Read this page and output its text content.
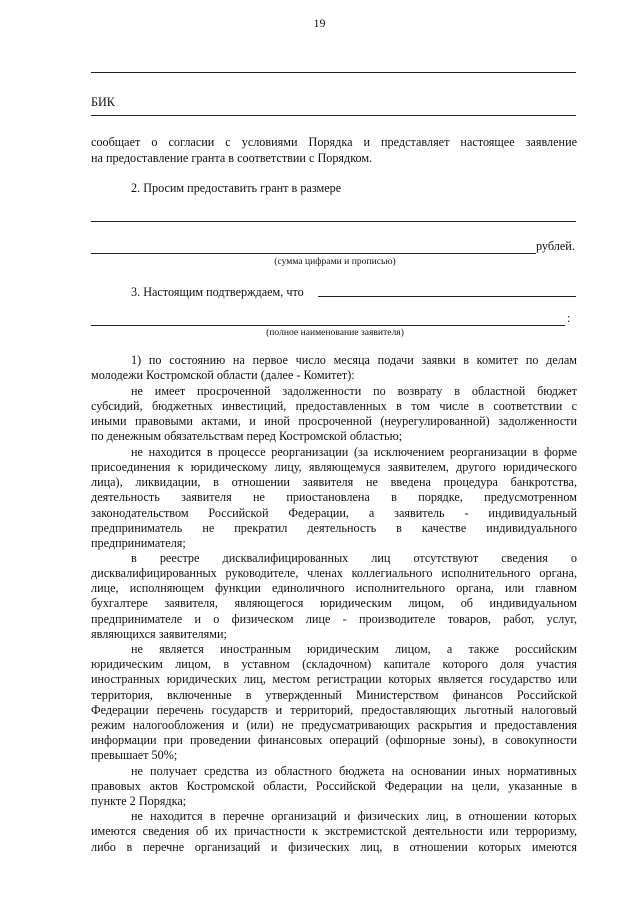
19
БИК
сообщает о согласии с условиями Порядка и представляет настоящее заявление
на предоставление гранта в соответствии с Порядком.
2. Просим предоставить грант в размере
рублей.
(сумма цифрами и прописью)
3. Настоящим подтверждаем, что
:
(полное наименование заявителя)
1) по состоянию на первое число месяца подачи заявки в комитет по делам
молодежи Костромской области (далее - Комитет):
не имеет просроченной задолженности по возврату в областной бюджет
субсидий, бюджетных инвестиций, предоставленных в том числе в соответствии с
иными правовыми актами, и иной просроченной (неурегулированной) задолженности
по денежным обязательствам перед Костромской областью;
не находится в процессе реорганизации (за исключением реорганизации в форме
присоединения к юридическому лицу, являющемуся заявителем, другого юридического
лица), ликвидации, в отношении заявителя не введена процедура банкротства,
деятельность заявителя не приостановлена в порядке, предусмотренном
законодательством Российской Федерации, а заявитель - индивидуальный
предприниматель не прекратил деятельность в качестве индивидуального
предпринимателя;
в реестре дисквалифицированных лиц отсутствуют сведения о
дисквалифицированных руководителе, членах коллегиального исполнительного органа,
лице, исполняющем функции единоличного исполнительного органа, или главном
бухгалтере заявителя, являющегося юридическим лицом, об индивидуальном
предпринимателе и о физическом лице - производителе товаров, работ, услуг,
являющихся заявителями;
не является иностранным юридическим лицом, а также российским
юридическим лицом, в уставном (складочном) капитале которого доля участия
иностранных юридических лиц, местом регистрации которых является государство или
территория, включенные в утвержденный Министерством финансов Российской
Федерации перечень государств и территорий, предоставляющих льготный налоговый
режим налогообложения и (или) не предусматривающих раскрытия и предоставления
информации при проведении финансовых операций (офшорные зоны), в совокупности
превышает 50%;
не получает средства из областного бюджета на основании иных нормативных
правовых актов Костромской области, Российской Федерации на цели, указанные в
пункте 2 Порядка;
не находится в перечне организаций и физических лиц, в отношении которых
имеются сведения об их причастности к экстремистской деятельности или терроризму,
либо в перечне организаций и физических лиц, в отношении которых имеются
